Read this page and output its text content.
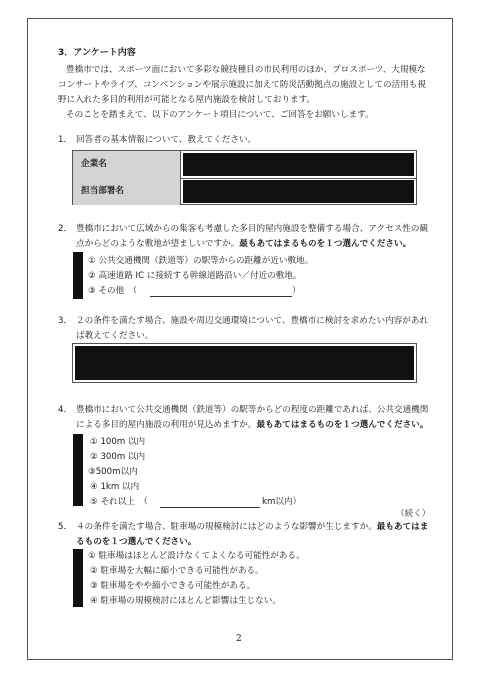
3．アンケート内容
豊橋市では、スポーツ面において多彩な競技種目の市民利用のほか、プロスポーツ、大規模な
コンサートやライブ、コンベンションや展示施設に加えて防災活動拠点の施設としての活用も視
野に入れた多目的利用が可能となる屋内施設を検討しております。
そのことを踏まえて、以下のアンケート項目について、ご回答をお願いします。
1． 回答者の基本情報について、教えてください。
企業名
担当部署名
2． 豊橋市において広域からの集客も考慮した多目的屋内施設を整備する場合、アクセス性の観
点からどのような敷地が望ましいですか。最もあてはまるものを１つ選んでください。
① 公共交通機関（鉄道等）の駅等からの距離が近い敷地。
② 高速道路 IC に接続する幹線道路沿い／付近の敷地。
③ その他　（	）
3． ２の条件を満たす場合、施設や周辺交通環境について、豊橋市に検討を求めたい内容があれ
ば教えてください。
4． 豊橋市において公共交通機関（鉄道等）の駅等からどの程度の距離であれば、公共交通機関
による多目的屋内施設の利用が見込めますか。最もあてはまるものを１つ選んでください。
① 100m 以内
② 300m 以内
③500m以内
④ 1km 以内
⑤ それ以上　（	km以内）
（続く）
5． ４の条件を満たす場合、駐車場の規模検討にはどのような影響が生じますか。最もあてはま
るものを１つ選んでください。
① 駐車場はほとんど設けなくてよくなる可能性がある。
② 駐車場を大幅に縮小できる可能性がある。
③ 駐車場をやや縮小できる可能性がある。
④ 駐車場の規模検討にほとんど影響は生じない。
2
